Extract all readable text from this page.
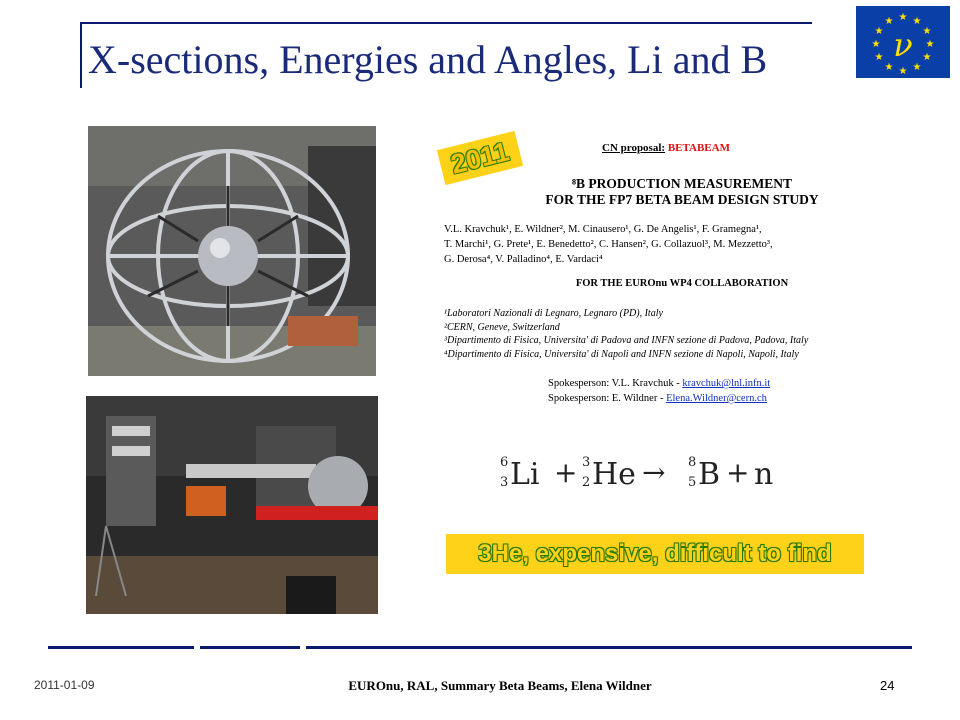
X-sections, Energies and Angles, Li and B
★ ★
★
★
★
★
★
★
★
★
★
★
ν
CN proposal: BETABEAM
⁸B PRODUCTION MEASUREMENT
FOR THE FP7 BETA BEAM DESIGN STUDY
V.L. Kravchuk¹, E. Wildner², M. Cinausero¹, G. De Angelis¹, F. Gramegna¹,
T. Marchi¹, G. Prete¹, E. Benedetto², C. Hansen², G. Collazuol³, M. Mezzetto³,
G. Derosa⁴, V. Palladino⁴, E. Vardaci⁴
FOR THE EUROnu WP4 COLLABORATION
¹Laboratori Nazionali di Legnaro, Legnaro (PD), Italy
²CERN, Geneve, Switzerland
³Dipartimento di Fisica, Universita' di Padova and INFN sezione di Padova, Padova, Italy
⁴Dipartimento di Fisica, Universita' di Napoli and INFN sezione di Napoli, Napoli, Italy
Spokesperson: V.L. Kravchuk - kravchuk@lnl.infn.it
Spokesperson: E. Wildner - Elena.Wildner@cern.ch
2011
6
3 Li + 3
2 He → 8
5 B + n
3He, expensive, difficult to find
2011-01-09	EUROnu, RAL, Summary Beta Beams, Elena Wildner	24
